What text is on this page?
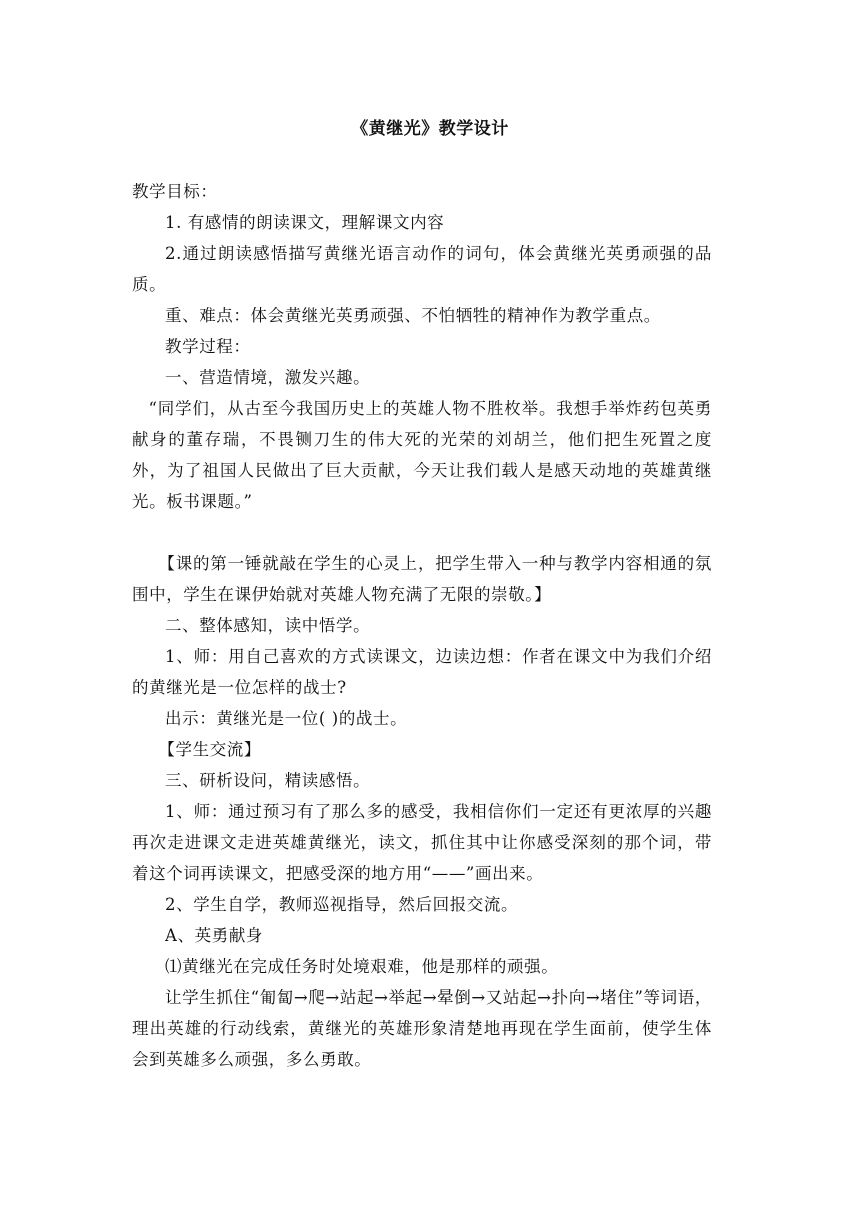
《黄继光》教学设计

教学目标：

1. 有感情的朗读课文，理解课文内容

2.通过朗读感悟描写黄继光语言动作的词句，体会黄继光英勇顽强的品质。

重、难点：体会黄继光英勇顽强、不怕牺牲的精神作为教学重点。

教学过程：

一、营造情境，激发兴趣。

“同学们，从古至今我国历史上的英雄人物不胜枚举。我想手举炸药包英勇献身的董存瑞，不畏铡刀生的伟大死的光荣的刘胡兰，他们把生死置之度外，为了祖国人民做出了巨大贡献，今天让我们载人是感天动地的英雄黄继光。板书课题。”

【课的第一锤就敲在学生的心灵上，把学生带入一种与教学内容相通的氛围中，学生在课伊始就对英雄人物充满了无限的崇敬。】

二、整体感知，读中悟学。

1、师：用自己喜欢的方式读课文，边读边想：作者在课文中为我们介绍的黄继光是一位怎样的战士?

出示：黄继光是一位( )的战士。

【学生交流】

三、研析设问，精读感悟。

1、师：通过预习有了那么多的感受，我相信你们一定还有更浓厚的兴趣再次走进课文走进英雄黄继光，读文，抓住其中让你感受深刻的那个词，带着这个词再读课文，把感受深的地方用“——”画出来。

2、学生自学，教师巡视指导，然后回报交流。

A、英勇献身

⑴黄继光在完成任务时处境艰难，他是那样的顽强。

让学生抓住“匍匐→爬→站起→举起→晕倒→又站起→扑向→堵住”等词语，理出英雄的行动线索，黄继光的英雄形象清楚地再现在学生面前，使学生体会到英雄多么顽强，多么勇敢。
